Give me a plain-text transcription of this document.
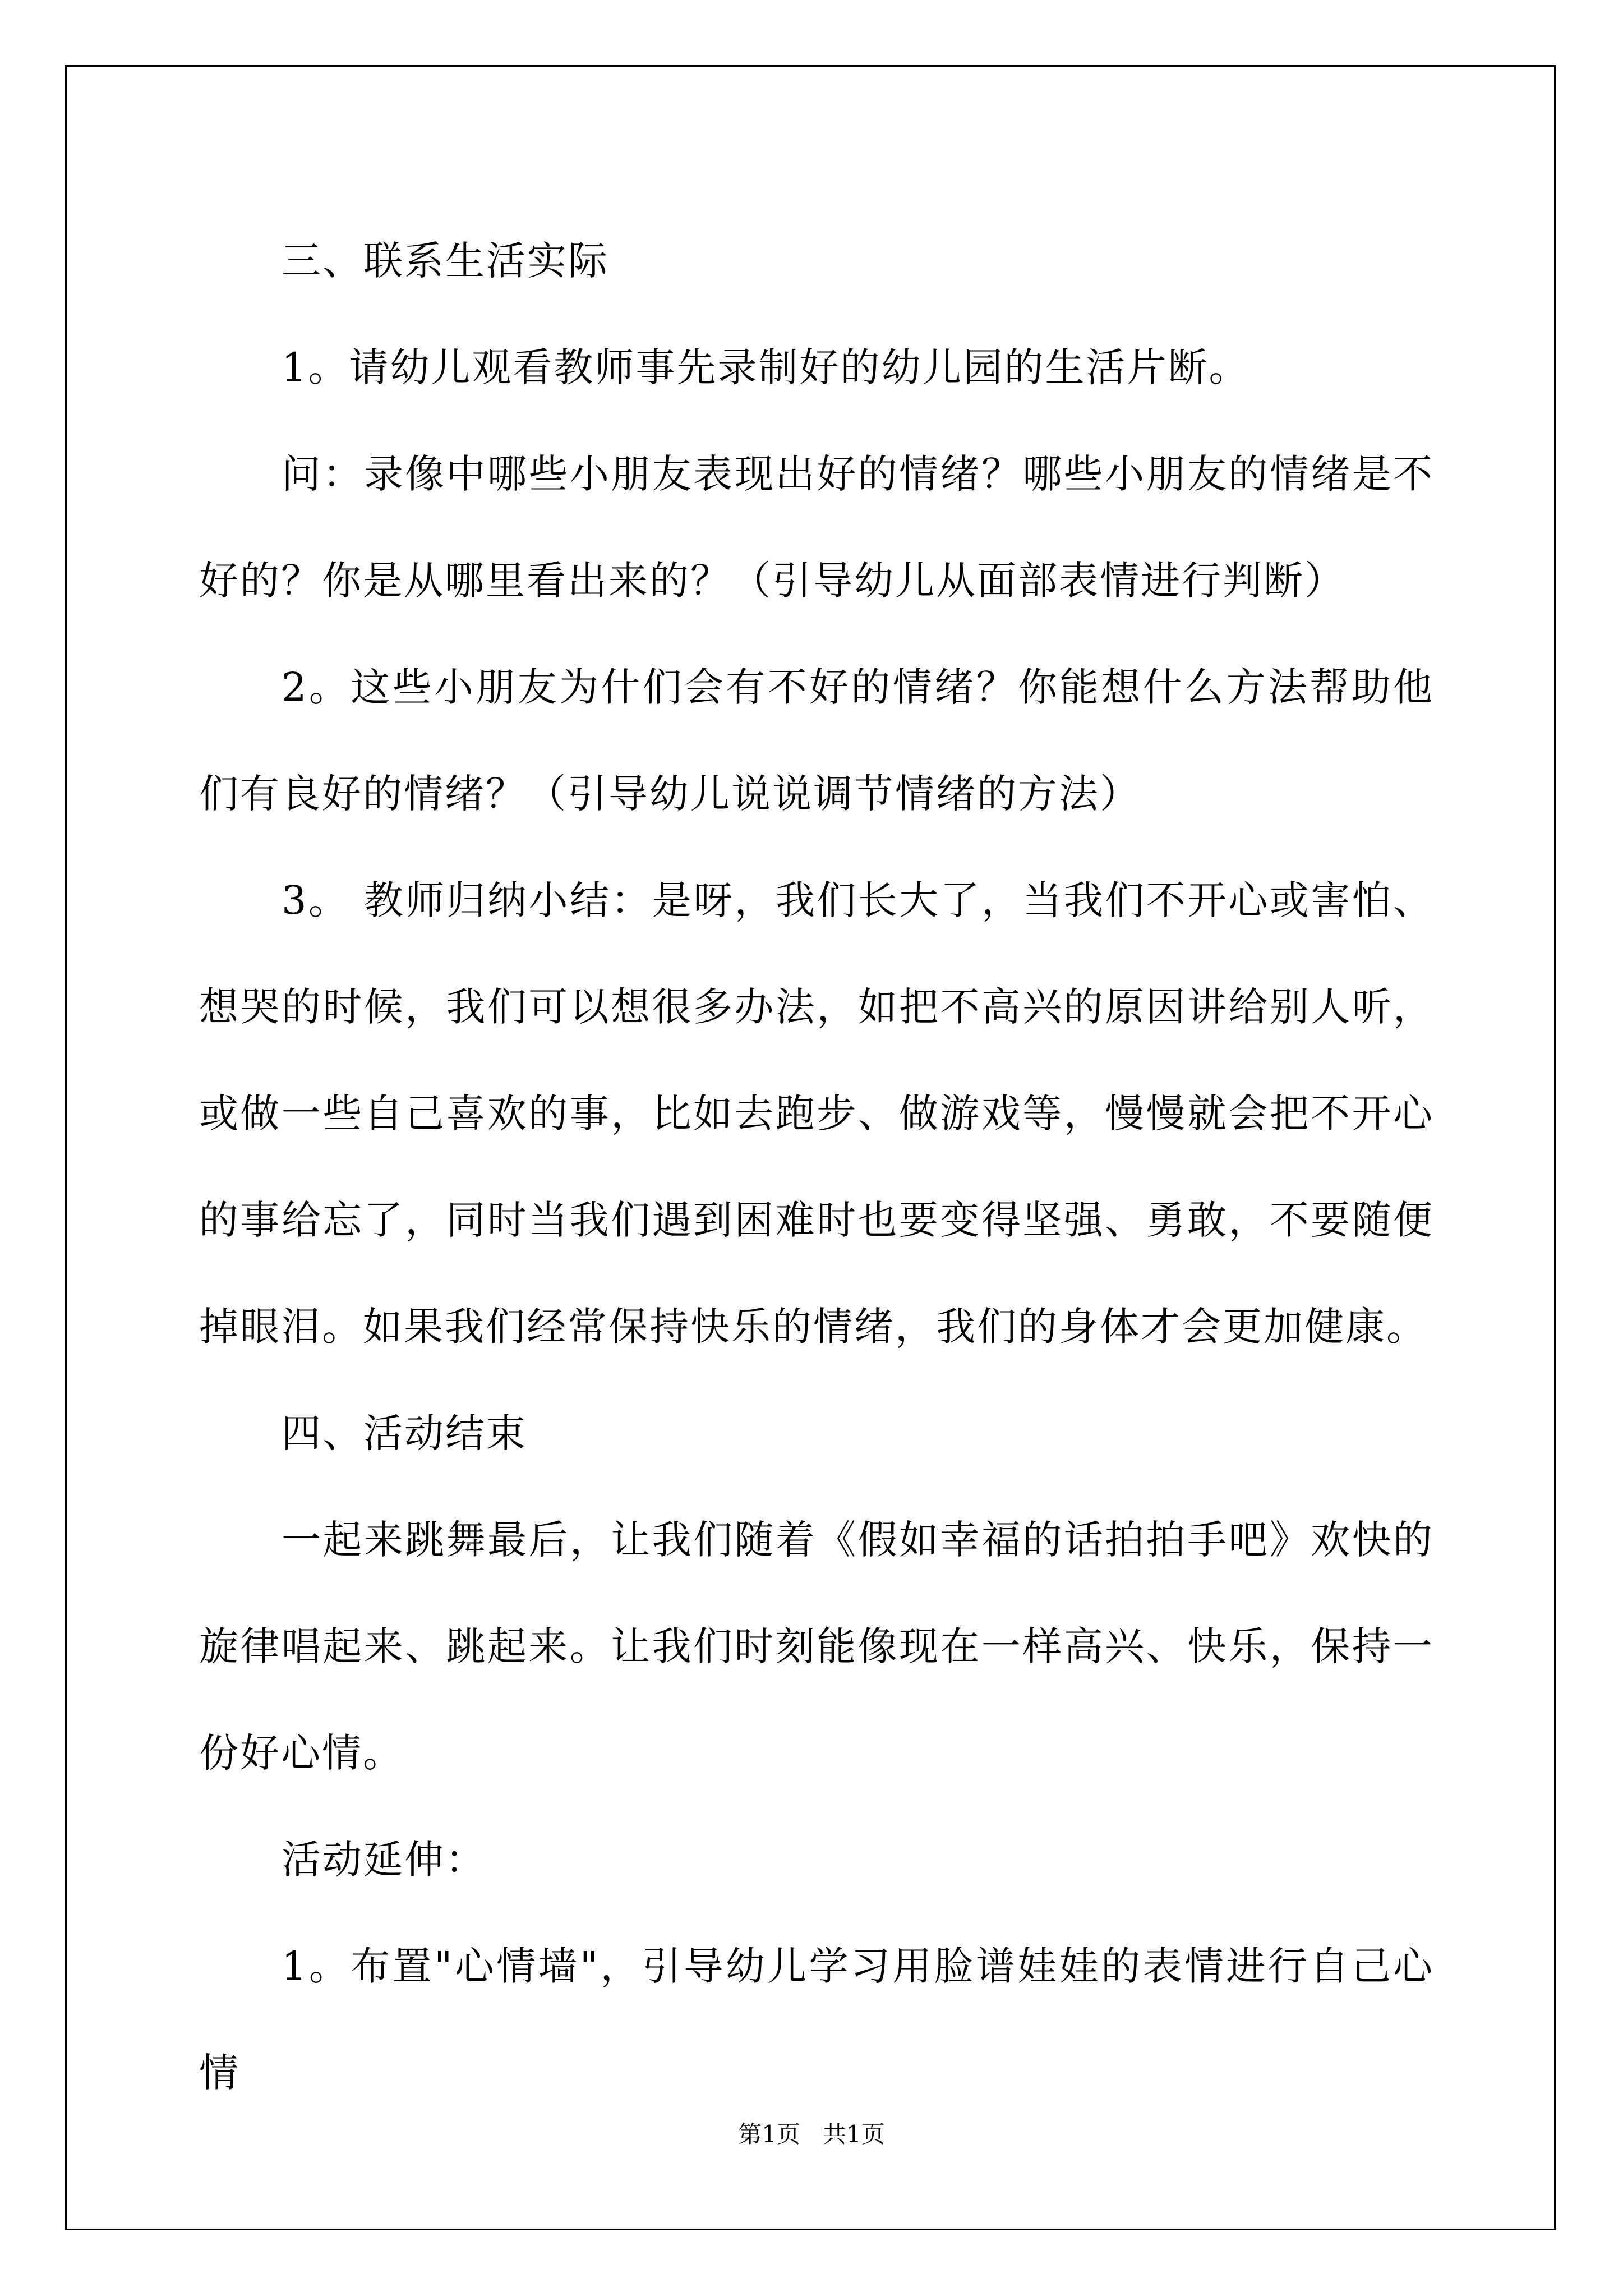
三、联系生活实际

1。请幼儿观看教师事先录制好的幼儿园的生活片断。

问：录像中哪些小朋友表现出好的情绪？哪些小朋友的情绪是不好的？你是从哪里看出来的？（引导幼儿从面部表情进行判断）

2。这些小朋友为什们会有不好的情绪？你能想什么方法帮助他们有良好的情绪？（引导幼儿说说调节情绪的方法）

3。 教师归纳小结：是呀，我们长大了，当我们不开心或害怕、想哭的时候，我们可以想很多办法，如把不高兴的原因讲给别人听，或做一些自己喜欢的事，比如去跑步、做游戏等，慢慢就会把不开心的事给忘了，同时当我们遇到困难时也要变得坚强、勇敢，不要随便掉眼泪。如果我们经常保持快乐的情绪，我们的身体才会更加健康。

四、活动结束

一起来跳舞最后，让我们随着《假如幸福的话拍拍手吧》欢快的旋律唱起来、跳起来。让我们时刻能像现在一样高兴、快乐，保持一份好心情。

活动延伸：

1。布置"心情墙"，引导幼儿学习用脸谱娃娃的表情进行自己心情

第1页 共1页
